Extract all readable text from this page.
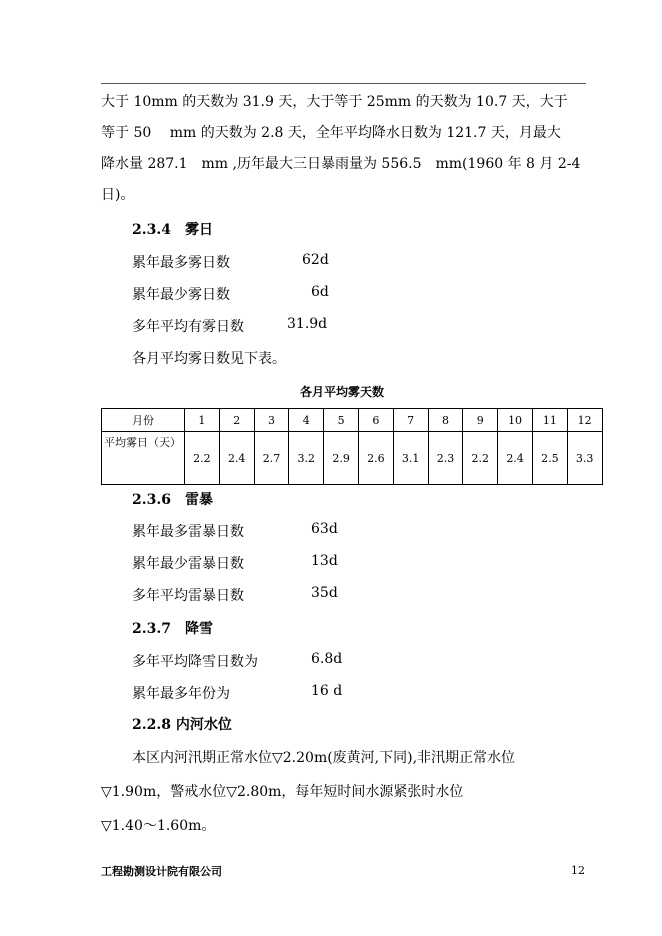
大于 10mm 的天数为 31.9 天，大于等于 25mm 的天数为 10.7 天，大于
等于 50　 mm 的天数为 2.8 天，全年平均降水日数为 121.7 天，月最大
降水量 287.1　mm ,历年最大三日暴雨量为 556.5　mm(1960 年 8 月 2-4
日)。
2.3.4　雾日
累年最多雾日数	62d
累年最少雾日数	6d
多年平均有雾日数	31.9d
各月平均雾日数见下表。
各月平均雾天数
月份	1	2	3	4	5	6	7	8	9	10	11	12
平均雾日（天）	2.2	2.4	2.7	3.2	2.9	2.6	3.1	2.3	2.2	2.4	2.5	3.3
2.3.6　雷暴
累年最多雷暴日数	63d
累年最少雷暴日数	13d
多年平均雷暴日数	35d
2.3.7　降雪
多年平均降雪日数为	6.8d
累年最多年份为	16 d
2.2.8 内河水位
本区内河汛期正常水位▽2.20m(废黄河,下同),非汛期正常水位
▽1.90m，警戒水位▽2.80m，每年短时间水源紧张时水位
▽1.40～1.60m。
工程勘测设计院有限公司	12
